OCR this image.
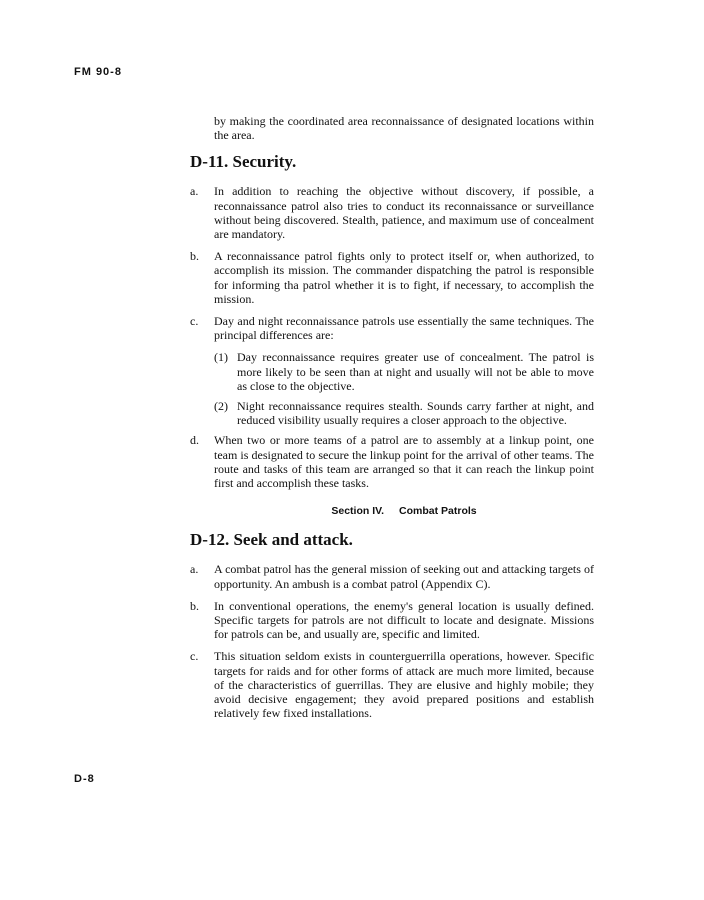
FM 90-8

by making the coordinated area reconnaissance of designated locations within the area.

D-11. Security.
a.	In addition to reaching the objective without discovery, if possible, a reconnaissance patrol also tries to conduct its reconnaissance or surveillance without being discovered. Stealth, patience, and maximum use of concealment are mandatory.
b.	A reconnaissance patrol fights only to protect itself or, when authorized, to accomplish its mission. The commander dispatching the patrol is responsible for informing tha patrol whether it is to fight, if necessary, to accomplish the mission.
c.	Day and night reconnaissance patrols use essentially the same techniques. The principal differences are:
(1) Day reconnaissance requires greater use of concealment. The patrol is more likely to be seen than at night and usually will not be able to move as close to the objective.
(2) Night reconnaissance requires stealth. Sounds carry farther at night, and reduced visibility usually requires a closer approach to the objective.
d.	When two or more teams of a patrol are to assembly at a linkup point, one team is designated to secure the linkup point for the arrival of other teams. The route and tasks of this team are arranged so that it can reach the linkup point first and accomplish these tasks.
Section IV. Combat Patrols
D-12. Seek and attack.
a.	A combat patrol has the general mission of seeking out and attacking targets of opportunity. An ambush is a combat patrol (Appendix C).
b.	In conventional operations, the enemy's general location is usually defined. Specific targets for patrols are not difficult to locate and designate. Missions for patrols can be, and usually are, specific and limited.
c.	This situation seldom exists in counterguerrilla operations, however. Specific targets for raids and for other forms of attack are much more limited, because of the characteristics of guerrillas. They are elusive and highly mobile; they avoid decisive engagement; they avoid prepared positions and establish relatively few fixed installations.
D-8
